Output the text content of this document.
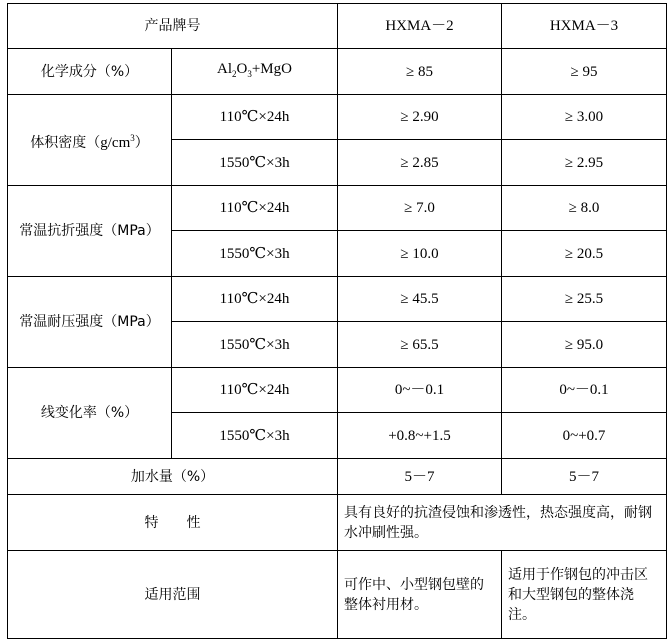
产品牌号		HXMA－2	HXMA－3
化学成分（%）	$Al_2O_3+MgO$	≥ 85	≥ 95
体积密度$(g/cm^3)$	110℃×24h	≥ 2.90	≥ 3.00
	1550℃×3h	≥ 2.85	≥ 2.95
常温抗折强度（MPa）	110℃×24h	≥ 7.0	≥ 8.0
	1550℃×3h	≥ 10.0	≥ 20.5
常温耐压强度（MPa）	110℃×24h	≥ 45.5	≥ 25.5
	1550℃×3h	≥ 65.5	≥ 95.0
线变化率（%）	110℃×24h	0~－0.1	0~－0.1
	1550℃×3h	+0.8~+1.5	0~+0.7
加水量（%）		5－7	5－7
特　　性		具有良好的抗渣侵蚀和渗透性，热态强度高，耐钢水冲刷性强。	
适用范围		可作中、小型钢包壁的整体衬用材。	适用于作钢包的冲击区和大型钢包的整体浇注。
